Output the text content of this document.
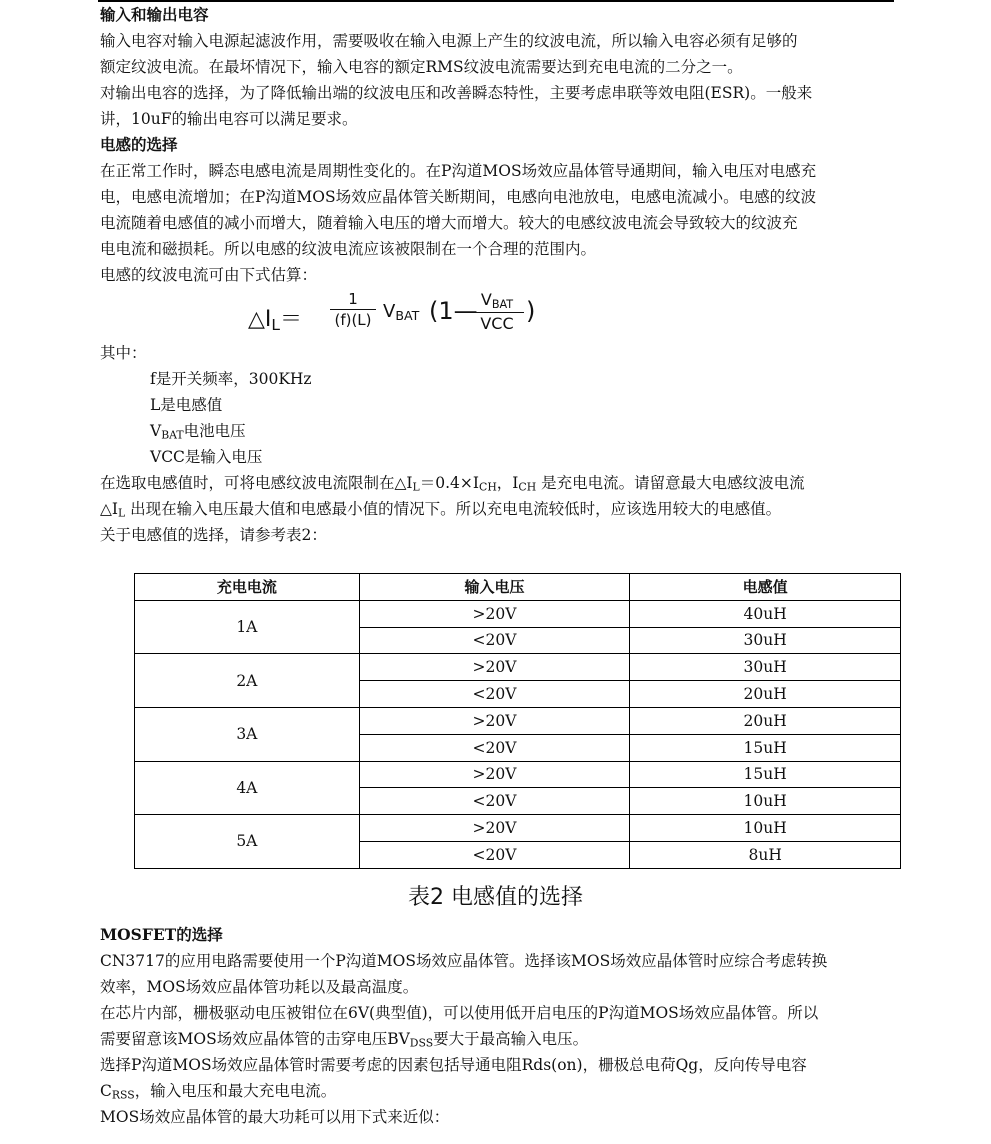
输入和输出电容
输入电容对输入电源起滤波作用，需要吸收在输入电源上产生的纹波电流，所以输入电容必须有足够的
额定纹波电流。在最坏情况下，输入电容的额定RMS纹波电流需要达到充电电流的二分之一。
对输出电容的选择，为了降低输出端的纹波电压和改善瞬态特性，主要考虑串联等效电阻(ESR)。一般来
讲，10uF的输出电容可以满足要求。
电感的选择
在正常工作时，瞬态电感电流是周期性变化的。在P沟道MOS场效应晶体管导通期间，输入电压对电感充
电，电感电流增加；在P沟道MOS场效应晶体管关断期间，电感向电池放电，电感电流减小。电感的纹波
电流随着电感值的减小而增大，随着输入电压的增大而增大。较大的电感纹波电流会导致较大的纹波充
电电流和磁损耗。所以电感的纹波电流应该被限制在一个合理的范围内。
电感的纹波电流可由下式估算：
$\triangle I_L=$
1
(f)(L) $V_{BAT}$ (1— $V_{BAT}$
VCC )
其中：
f是开关频率，300KHz
L是电感值
$V_{BAT}$电池电压
VCC是输入电压
在选取电感值时，可将电感纹波电流限制在$\triangle I_L=0.4\times I_{CH}$，$I_{CH}$ 是充电电流。请留意最大电感纹波电流
$\triangle I_L$ 出现在输入电压最大值和电感最小值的情况下。所以充电电流较低时，应该选用较大的电感值。
关于电感值的选择，请参考表2：
充电电流	输入电压	电感值
1A	>20V	40uH
	<20V	30uH
2A	>20V	30uH
	<20V	20uH
3A	>20V	20uH
	<20V	15uH
4A	>20V	15uH
	<20V	10uH
5A	>20V	10uH
	<20V	8uH
表2 电感值的选择
MOSFET的选择
CN3717的应用电路需要使用一个P沟道MOS场效应晶体管。选择该MOS场效应晶体管时应综合考虑转换
效率，MOS场效应晶体管功耗以及最高温度。
在芯片内部，栅极驱动电压被钳位在6V(典型值)，可以使用低开启电压的P沟道MOS场效应晶体管。所以
需要留意该MOS场效应晶体管的击穿电压$BV_{DSS}$要大于最高输入电压。
选择P沟道MOS场效应晶体管时需要考虑的因素包括导通电阻Rds(on)，栅极总电荷Qg，反向传导电容
$C_{RSS}$，输入电压和最大充电电流。
MOS场效应晶体管的最大功耗可以用下式来近似：
